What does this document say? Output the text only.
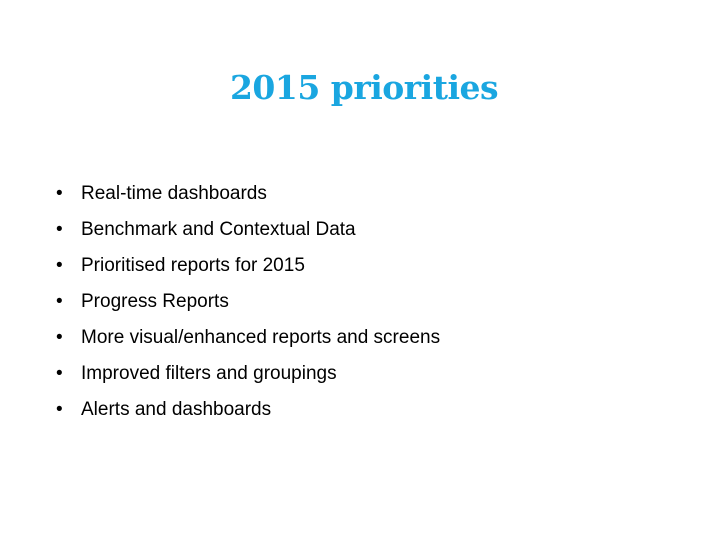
2015 priorities
• Real-time dashboards
• Benchmark and Contextual Data
• Prioritised reports for 2015
• Progress Reports
• More visual/enhanced reports and screens
• Improved filters and groupings
• Alerts and dashboards
